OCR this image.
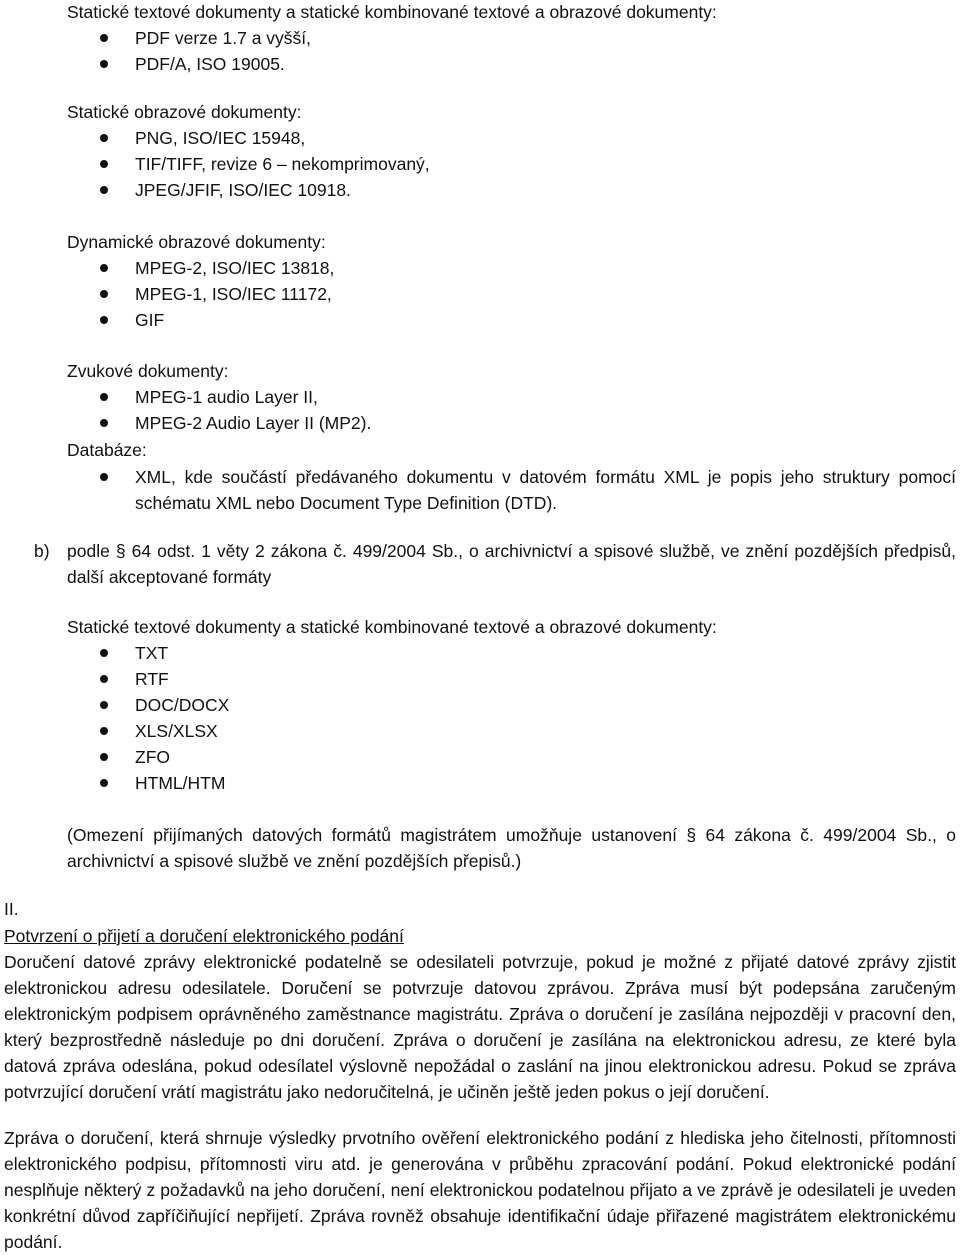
Statické textové dokumenty a statické kombinované textové a obrazové dokumenty:
PDF verze 1.7 a vyšší,
PDF/A, ISO 19005.
Statické obrazové dokumenty:
PNG, ISO/IEC 15948,
TIF/TIFF, revize 6 – nekomprimovaný,
JPEG/JFIF, ISO/IEC 10918.
Dynamické obrazové dokumenty:
MPEG-2, ISO/IEC 13818,
MPEG-1, ISO/IEC 11172,
GIF
Zvukové dokumenty:
MPEG-1 audio Layer II,
MPEG-2 Audio Layer II (MP2).
Databáze:
XML, kde součástí předávaného dokumentu v datovém formátu XML je popis jeho struktury pomocí schématu XML nebo Document Type Definition (DTD).
b) podle § 64 odst. 1 věty 2 zákona č. 499/2004 Sb., o archivnictví a spisové službě, ve znění pozdějších předpisů, další akceptované formáty
Statické textové dokumenty a statické kombinované textové a obrazové dokumenty:
TXT
RTF
DOC/DOCX
XLS/XLSX
ZFO
HTML/HTM
(Omezení přijímaných datových formátů magistrátem umožňuje ustanovení § 64 zákona č. 499/2004 Sb., o archivnictví a spisové službě ve znění pozdějších přepisů.)
II.
Potvrzení o přijetí a doručení elektronického podání
Doručení datové zprávy elektronické podatelně se odesilateli potvrzuje, pokud je možné z přijaté datové zprávy zjistit elektronickou adresu odesilatele. Doručení se potvrzuje datovou zprávou. Zpráva musí být podepsána zaručeným elektronickým podpisem oprávněného zaměstnance magistrátu. Zpráva o doručení je zasílána nejpozději v pracovní den, který bezprostředně následuje po dni doručení. Zpráva o doručení je zasílána na elektronickou adresu, ze které byla datová zpráva odeslána, pokud odesílatel výslovně nepožádal o zaslání na jinou elektronickou adresu. Pokud se zpráva potvrzující doručení vrátí magistrátu jako nedoručitelná, je učiněn ještě jeden pokus o její doručení.
Zpráva o doručení, která shrnuje výsledky prvotního ověření elektronického podání z hlediska jeho čitelnosti, přítomnosti elektronického podpisu, přítomnosti viru atd. je generována v průběhu zpracování podání. Pokud elektronické podání nesplňuje některý z požadavků na jeho doručení, není elektronickou podatelnou přijato a ve zprávě je odesilateli je uveden konkrétní důvod zapříčiňující nepřijetí. Zpráva rovněž obsahuje identifikační údaje přiřazené magistrátem elektronickému podání.
